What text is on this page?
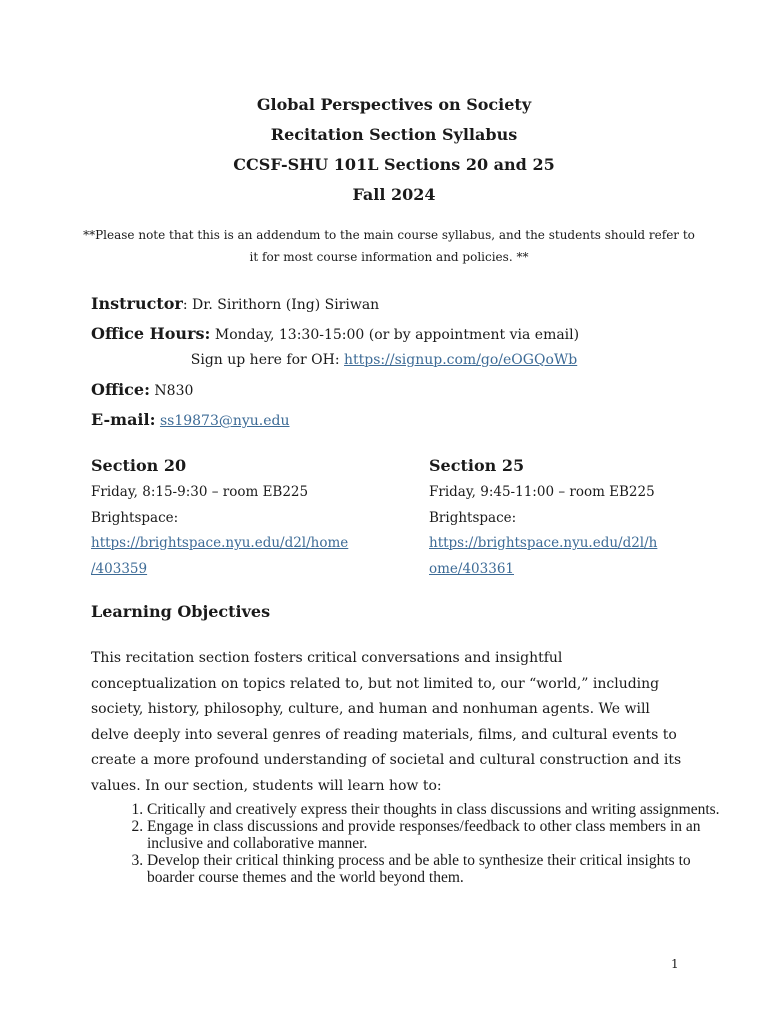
Global Perspectives on Society
Recitation Section Syllabus
CCSF-SHU 101L Sections 20 and 25
Fall 2024
**Please note that this is an addendum to the main course syllabus, and the students should refer to it for most course information and policies. **
Instructor: Dr. Sirithorn (Ing) Siriwan
Office Hours: Monday, 13:30-15:00 (or by appointment via email)
Sign up here for OH: https://signup.com/go/eOGQoWb
Office: N830
E-mail: ss19873@nyu.edu
Section 20
Friday, 8:15-9:30 – room EB225
Brightspace:
https://brightspace.nyu.edu/d2l/home
/403359
Section 25
Friday, 9:45-11:00 – room EB225
Brightspace:
https://brightspace.nyu.edu/d2l/h
ome/403361
Learning Objectives

This recitation section fosters critical conversations and insightful conceptualization on topics related to, but not limited to, our “world,” including society, history, philosophy, culture, and human and nonhuman agents. We will delve deeply into several genres of reading materials, films, and cultural events to create a more profound understanding of societal and cultural construction and its values. In our section, students will learn how to:

1. Critically and creatively express their thoughts in class discussions and writing assignments.
2. Engage in class discussions and provide responses/feedback to other class members in an inclusive and collaborative manner.
3. Develop their critical thinking process and be able to synthesize their critical insights to boarder course themes and the world beyond them.
1
